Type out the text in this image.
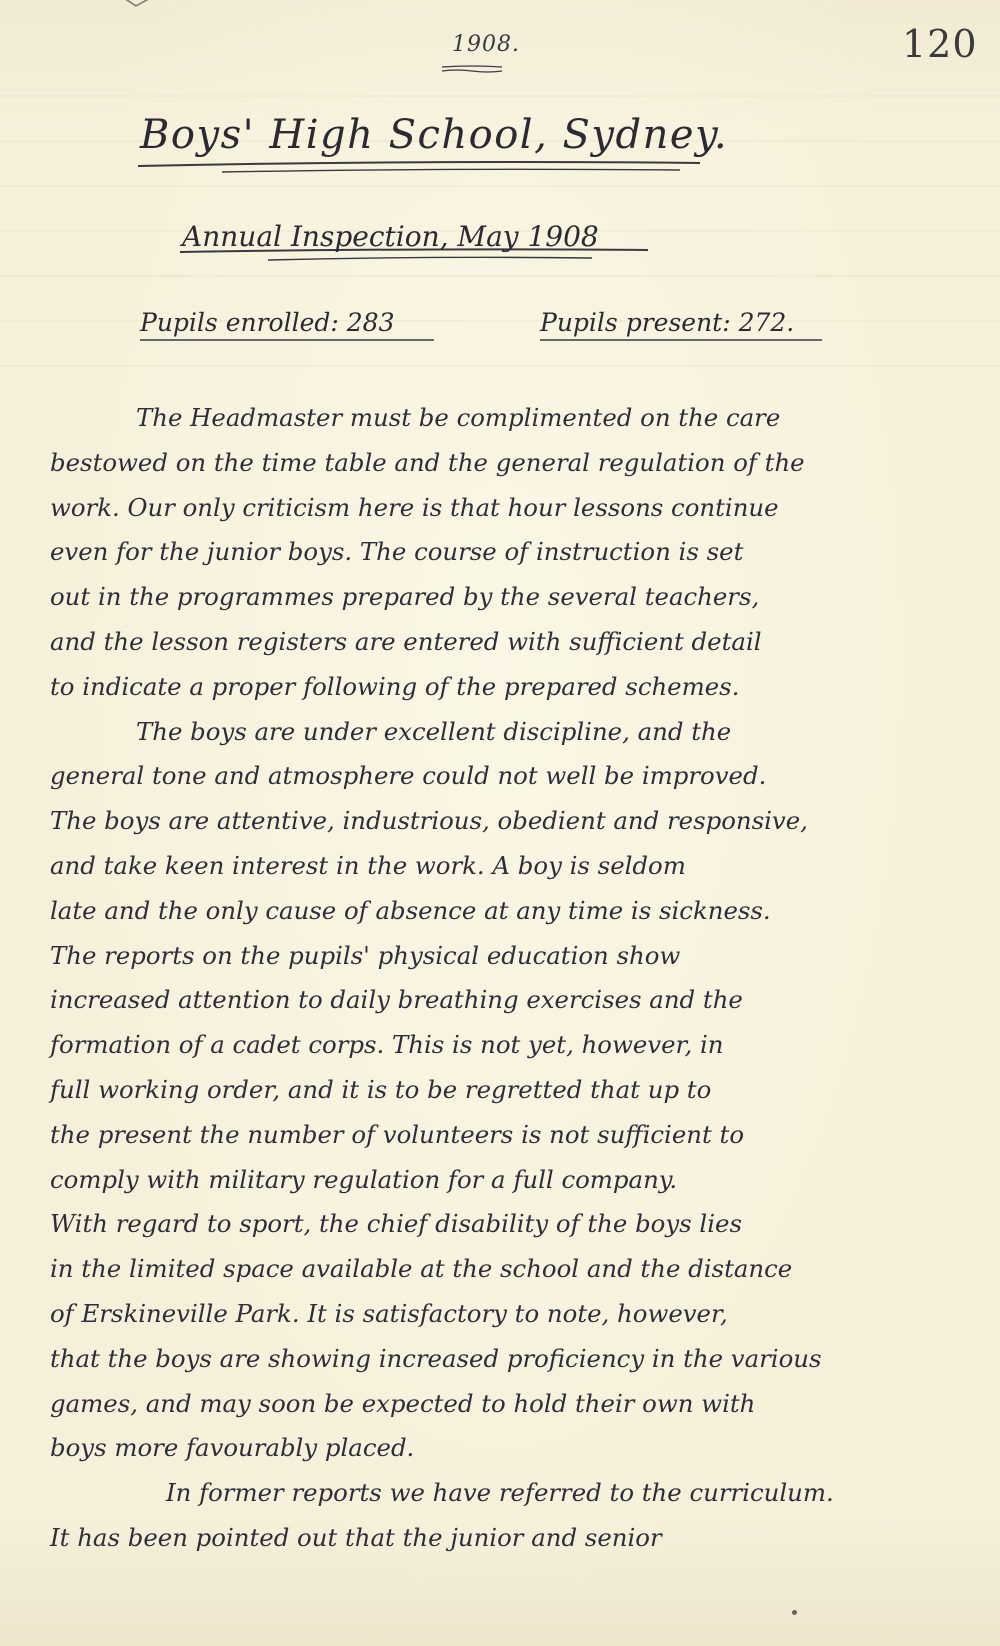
1908.	120
Boys' High School, Sydney.
Annual Inspection, May 1908
Pupils enrolled: 283	Pupils present: 272.
The Headmaster must be complimented on the care
bestowed on the time table and the general regulation of the
work. Our only criticism here is that hour lessons continue
even for the junior boys. The course of instruction is set
out in the programmes prepared by the several teachers,
and the lesson registers are entered with sufficient detail
to indicate a proper following of the prepared schemes.
The boys are under excellent discipline, and the
general tone and atmosphere could not well be improved.
The boys are attentive, industrious, obedient and responsive,
and take keen interest in the work. A boy is seldom
late and the only cause of absence at any time is sickness.
The reports on the pupils' physical education show
increased attention to daily breathing exercises and the
formation of a cadet corps. This is not yet, however, in
full working order, and it is to be regretted that up to
the present the number of volunteers is not sufficient to
comply with military regulation for a full company.
With regard to sport, the chief disability of the boys lies
in the limited space available at the school and the distance
of Erskineville Park. It is satisfactory to note, however,
that the boys are showing increased proficiency in the various
games, and may soon be expected to hold their own with
boys more favourably placed.
In former reports we have referred to the curriculum.
It has been pointed out that the junior and senior
